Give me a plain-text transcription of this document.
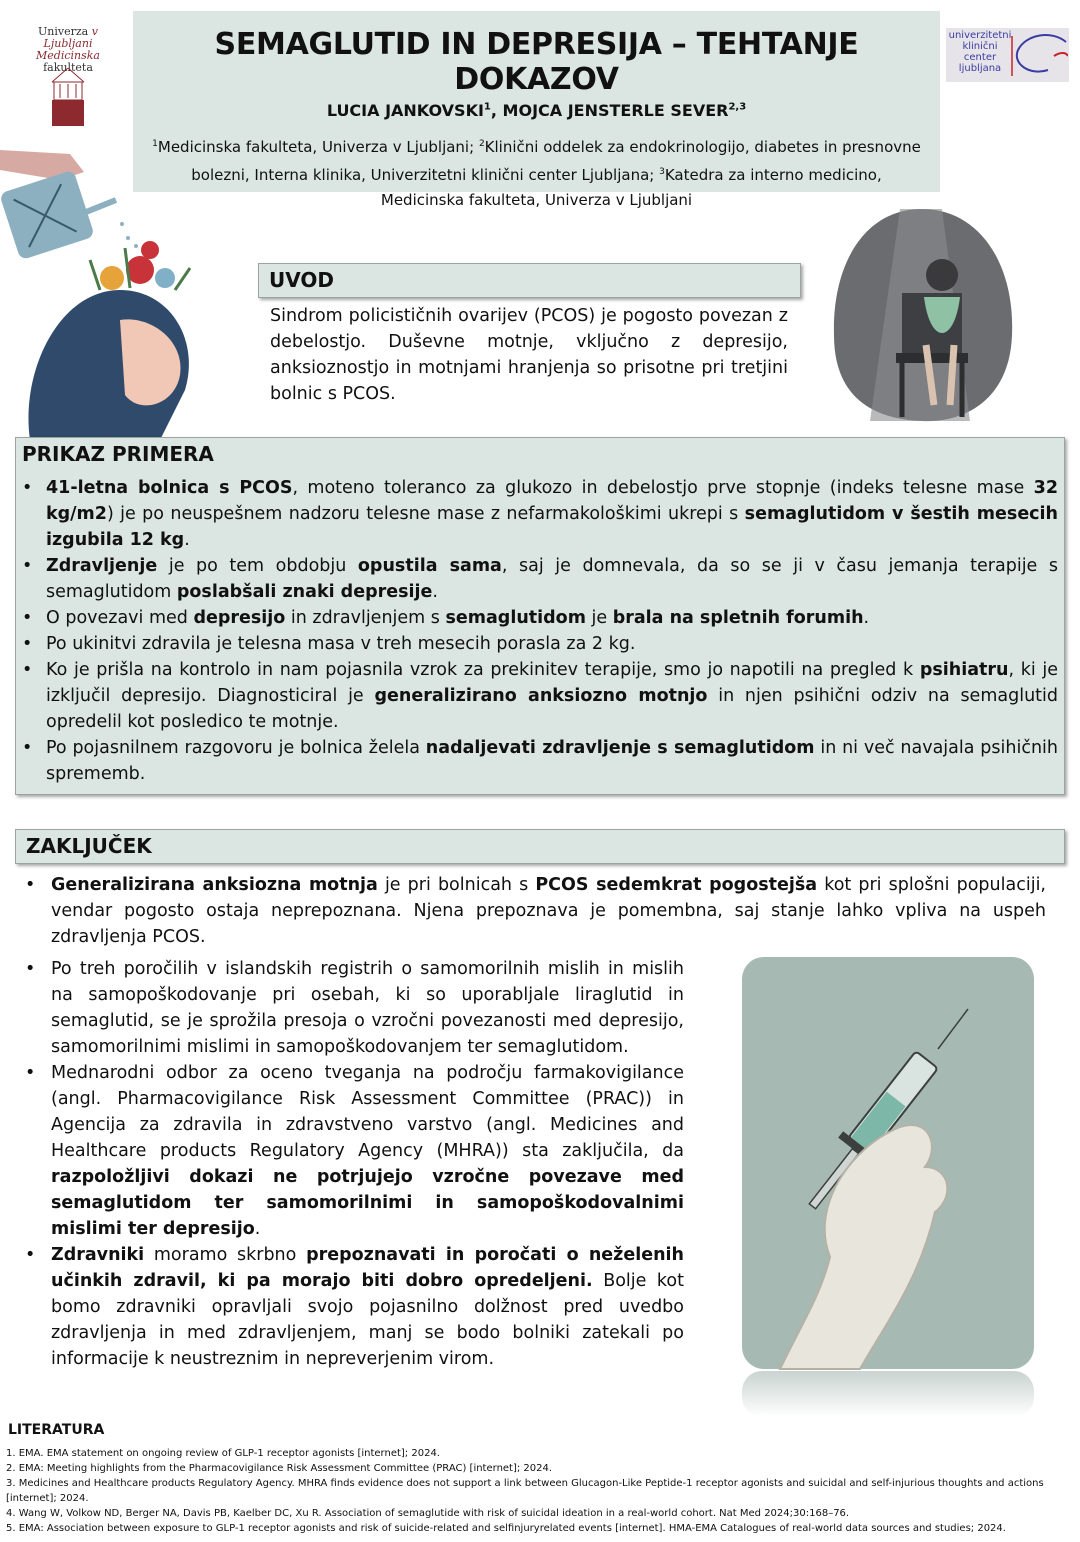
Univerza v Ljubljani
Medicinska fakulteta
univerzitetni
klinični
center
ljubljana
SEMAGLUTID IN DEPRESIJA – TEHTANJE DOKAZOV
LUCIA JANKOVSKI$^1$, MOJCA JENSTERLE SEVER$^{2,3}$
$^1$Medicinska fakulteta, Univerza v Ljubljani; $^2$Klinični oddelek za endokrinologijo, diabetes in presnovne bolezni, Interna klinika, Univerzitetni klinični center Ljubljana; $^3$Katedra za interno medicino, Medicinska fakulteta, Univerza v Ljubljani
UVOD

Sindrom policističnih ovarijev (PCOS) je pogosto povezan z debelostjo. Duševne motnje, vključno z depresijo, anksioznostjo in motnjami hranjenja so prisotne pri tretjini bolnic s PCOS.

PRIKAZ PRIMERA
• 41-letna bolnica s PCOS, moteno toleranco za glukozo in debelostjo prve stopnje (indeks telesne mase 32 kg/m2) je po neuspešnem nadzoru telesne mase z nefarmakološkimi ukrepi s semaglutidom v šestih mesecih izgubila 12 kg.
• Zdravljenje je po tem obdobju opustila sama, saj je domnevala, da so se ji v času jemanja terapije s semaglutidom poslabšali znaki depresije.
• O povezavi med depresijo in zdravljenjem s semaglutidom je brala na spletnih forumih.
• Po ukinitvi zdravila je telesna masa v treh mesecih porasla za 2 kg.
• Ko je prišla na kontrolo in nam pojasnila vzrok za prekinitev terapije, smo jo napotili na pregled k psihiatru, ki je izključil depresijo. Diagnosticiral je generalizirano anksiozno motnjo in njen psihični odziv na semaglutid opredelil kot posledico te motnje.
• Po pojasnilnem razgovoru je bolnica želela nadaljevati zdravljenje s semaglutidom in ni več navajala psihičnih sprememb.
ZAKLJUČEK
• Generalizirana anksiozna motnja je pri bolnicah s PCOS sedemkrat pogostejša kot pri splošni populaciji, vendar pogosto ostaja neprepoznana. Njena prepoznava je pomembna, saj stanje lahko vpliva na uspeh zdravljenja PCOS.
• Po treh poročilih v islandskih registrih o samomorilnih mislih in mislih na samopoškodovanje pri osebah, ki so uporabljale liraglutid in semaglutid, se je sprožila presoja o vzročni povezanosti med depresijo, samomorilnimi mislimi in samopoškodovanjem ter semaglutidom.
• Mednarodni odbor za oceno tveganja na področju farmakovigilance (angl. Pharmacovigilance Risk Assessment Committee (PRAC)) in Agencija za zdravila in zdravstveno varstvo (angl. Medicines and Healthcare products Regulatory Agency (MHRA)) sta zaključila, da razpoložljivi dokazi ne potrjujejo vzročne povezave med semaglutidom ter samomorilnimi in samopoškodovalnimi mislimi ter depresijo.
• Zdravniki moramo skrbno prepoznavati in poročati o neželenih učinkih zdravil, ki pa morajo biti dobro opredeljeni. Bolje kot bomo zdravniki opravljali svojo pojasnilno dolžnost pred uvedbo zdravljenja in med zdravljenjem, manj se bodo bolniki zatekali po informacije k neustreznim in nepreverjenim virom.
LITERATURA
1. EMA. EMA statement on ongoing review of GLP-1 receptor agonists [internet]; 2024.
2. EMA: Meeting highlights from the Pharmacovigilance Risk Assessment Committee (PRAC) [internet]; 2024.
3. Medicines and Healthcare products Regulatory Agency. MHRA finds evidence does not support a link between Glucagon-Like Peptide-1 receptor agonists and suicidal and self-injurious thoughts and actions [internet]; 2024.
4. Wang W, Volkow ND, Berger NA, Davis PB, Kaelber DC, Xu R. Association of semaglutide with risk of suicidal ideation in a real-world cohort. Nat Med 2024;30:168–76.
5. EMA: Association between exposure to GLP-1 receptor agonists and risk of suicide-related and selfinjuryrelated events [internet]. HMA-EMA Catalogues of real-world data sources and studies; 2024.
